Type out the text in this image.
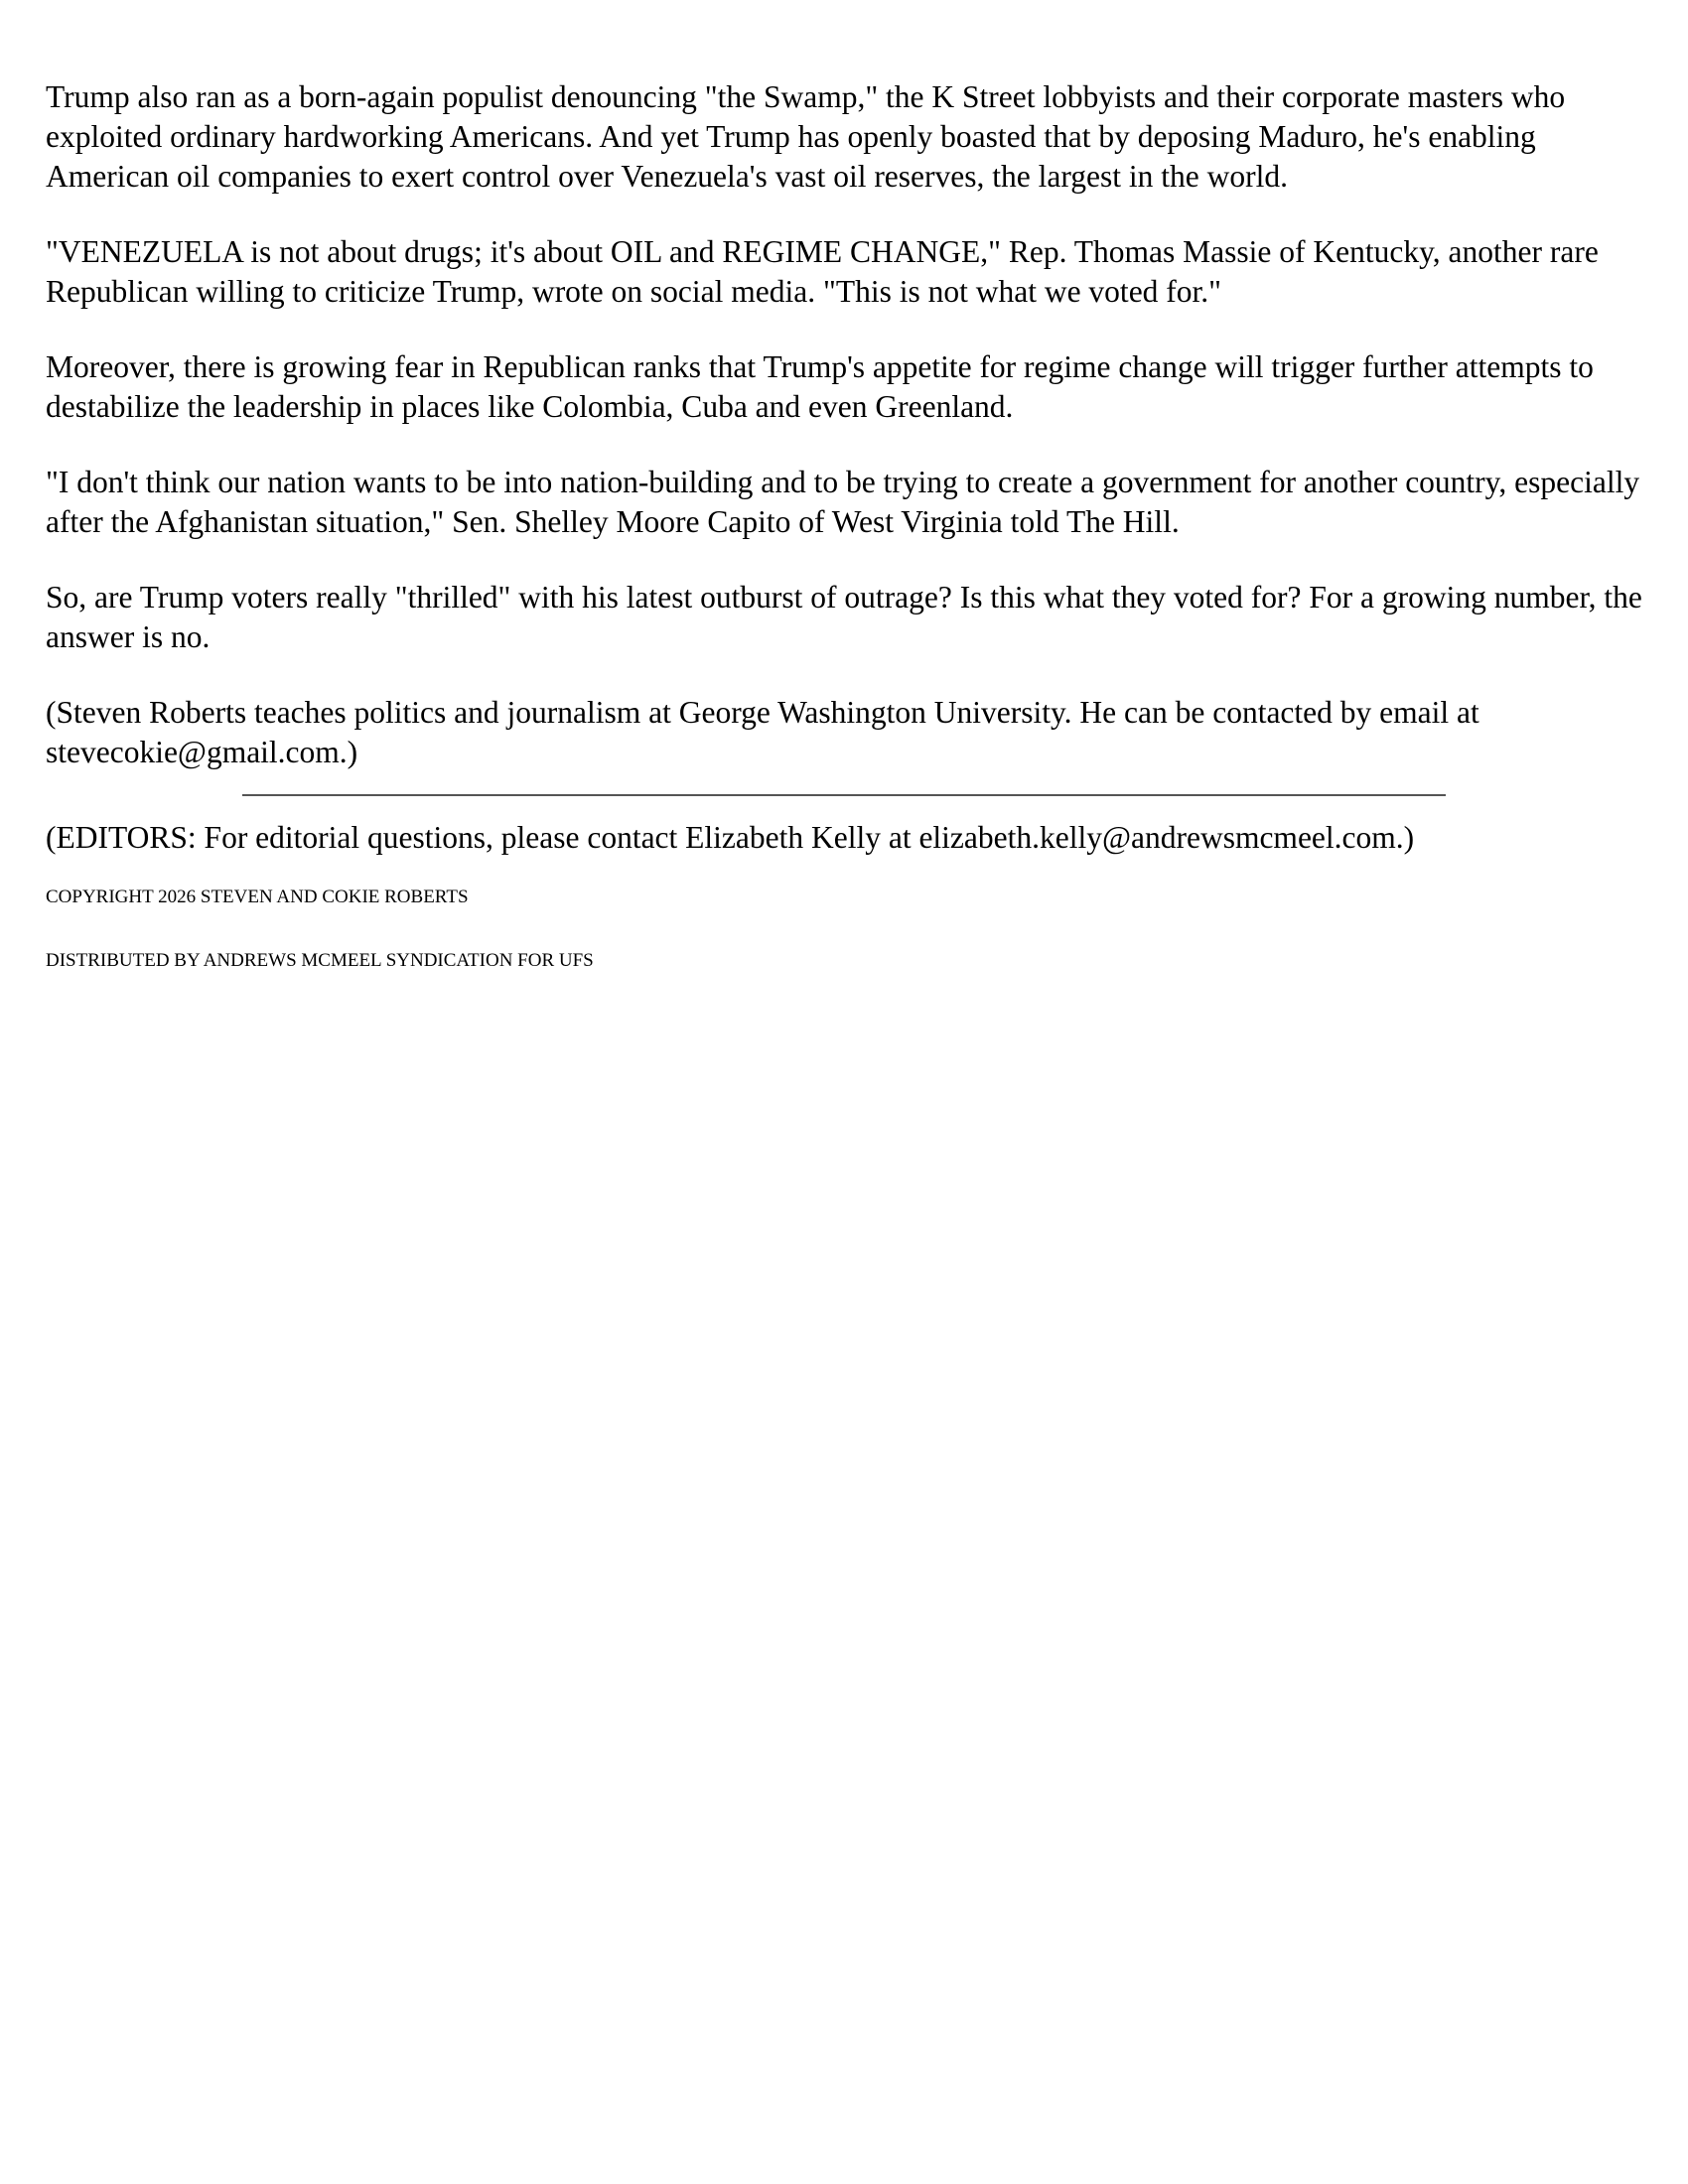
Trump also ran as a born-again populist denouncing "the Swamp," the K Street lobbyists and their corporate masters who exploited ordinary hardworking Americans. And yet Trump has openly boasted that by deposing Maduro, he's enabling American oil companies to exert control over Venezuela's vast oil reserves, the largest in the world.

"VENEZUELA is not about drugs; it's about OIL and REGIME CHANGE," Rep. Thomas Massie of Kentucky, another rare Republican willing to criticize Trump, wrote on social media. "This is not what we voted for."

Moreover, there is growing fear in Republican ranks that Trump's appetite for regime change will trigger further attempts to destabilize the leadership in places like Colombia, Cuba and even Greenland.

"I don't think our nation wants to be into nation-building and to be trying to create a government for another country, especially after the Afghanistan situation," Sen. Shelley Moore Capito of West Virginia told The Hill.

So, are Trump voters really "thrilled" with his latest outburst of outrage? Is this what they voted for? For a growing number, the answer is no.

(Steven Roberts teaches politics and journalism at George Washington University. He can be contacted by email at stevecokie@gmail.com.)

(EDITORS: For editorial questions, please contact Elizabeth Kelly at elizabeth.kelly@andrewsmcmeel.com.)

COPYRIGHT 2026 STEVEN AND COKIE ROBERTS

DISTRIBUTED BY ANDREWS MCMEEL SYNDICATION FOR UFS
